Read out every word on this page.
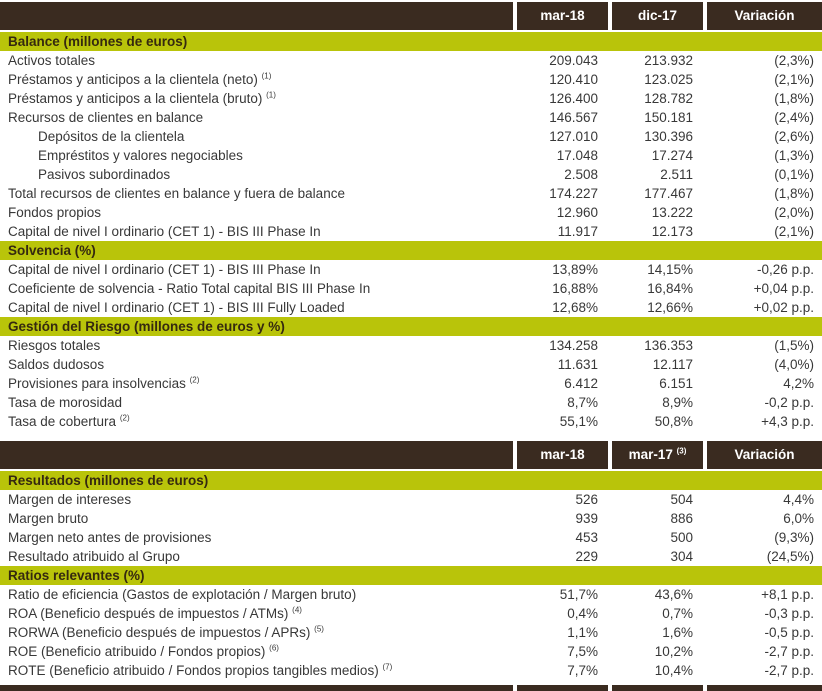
mar-18	dic-17	Variación
Balance (millones de euros)
Activos totales	209.043	213.932	(2,3%)
Préstamos y anticipos a la clientela (neto) $^{(1)}$	120.410	123.025	(2,1%)
Préstamos y anticipos a la clientela (bruto) $^{(1)}$	126.400	128.782	(1,8%)
Recursos de clientes en balance	146.567	150.181	(2,4%)
Depósitos de la clientela	127.010	130.396	(2,6%)
Empréstitos y valores negociables	17.048	17.274	(1,3%)
Pasivos subordinados	2.508	2.511	(0,1%)
Total recursos de clientes en balance y fuera de balance	174.227	177.467	(1,8%)
Fondos propios	12.960	13.222	(2,0%)
Capital de nivel I ordinario (CET 1) - BIS III Phase In	11.917	12.173	(2,1%)
Solvencia (%)
Capital de nivel I ordinario (CET 1) - BIS III Phase In	13,89%	14,15%	-0,26 p.p.
Coeficiente de solvencia - Ratio Total capital BIS III Phase In	16,88%	16,84%	+0,04 p.p.
Capital de nivel I ordinario (CET 1) - BIS III Fully Loaded	12,68%	12,66%	+0,02 p.p.
Gestión del Riesgo (millones de euros y %)
Riesgos totales	134.258	136.353	(1,5%)
Saldos dudosos	11.631	12.117	(4,0%)
Provisiones para insolvencias $^{(2)}$	6.412	6.151	4,2%
Tasa de morosidad	8,7%	8,9%	-0,2 p.p.
Tasa de cobertura $^{(2)}$	55,1%	50,8%	+4,3 p.p.
mar-18	mar-17 $^{(3)}$	Variación
Resultados (millones de euros)
Margen de intereses	526	504	4,4%
Margen bruto	939	886	6,0%
Margen neto antes de provisiones	453	500	(9,3%)
Resultado atribuido al Grupo	229	304	(24,5%)
Ratios relevantes (%)
Ratio de eficiencia (Gastos de explotación / Margen bruto)	51,7%	43,6%	+8,1 p.p.
ROA (Beneficio después de impuestos / ATMs) $^{(4)}$	0,4%	0,7%	-0,3 p.p.
RORWA (Beneficio después de impuestos / APRs) $^{(5)}$	1,1%	1,6%	-0,5 p.p.
ROE (Beneficio atribuido / Fondos propios) $^{(6)}$	7,5%	10,2%	-2,7 p.p.
ROTE (Beneficio atribuido / Fondos propios tangibles medios) $^{(7)}$	7,7%	10,4%	-2,7 p.p.
